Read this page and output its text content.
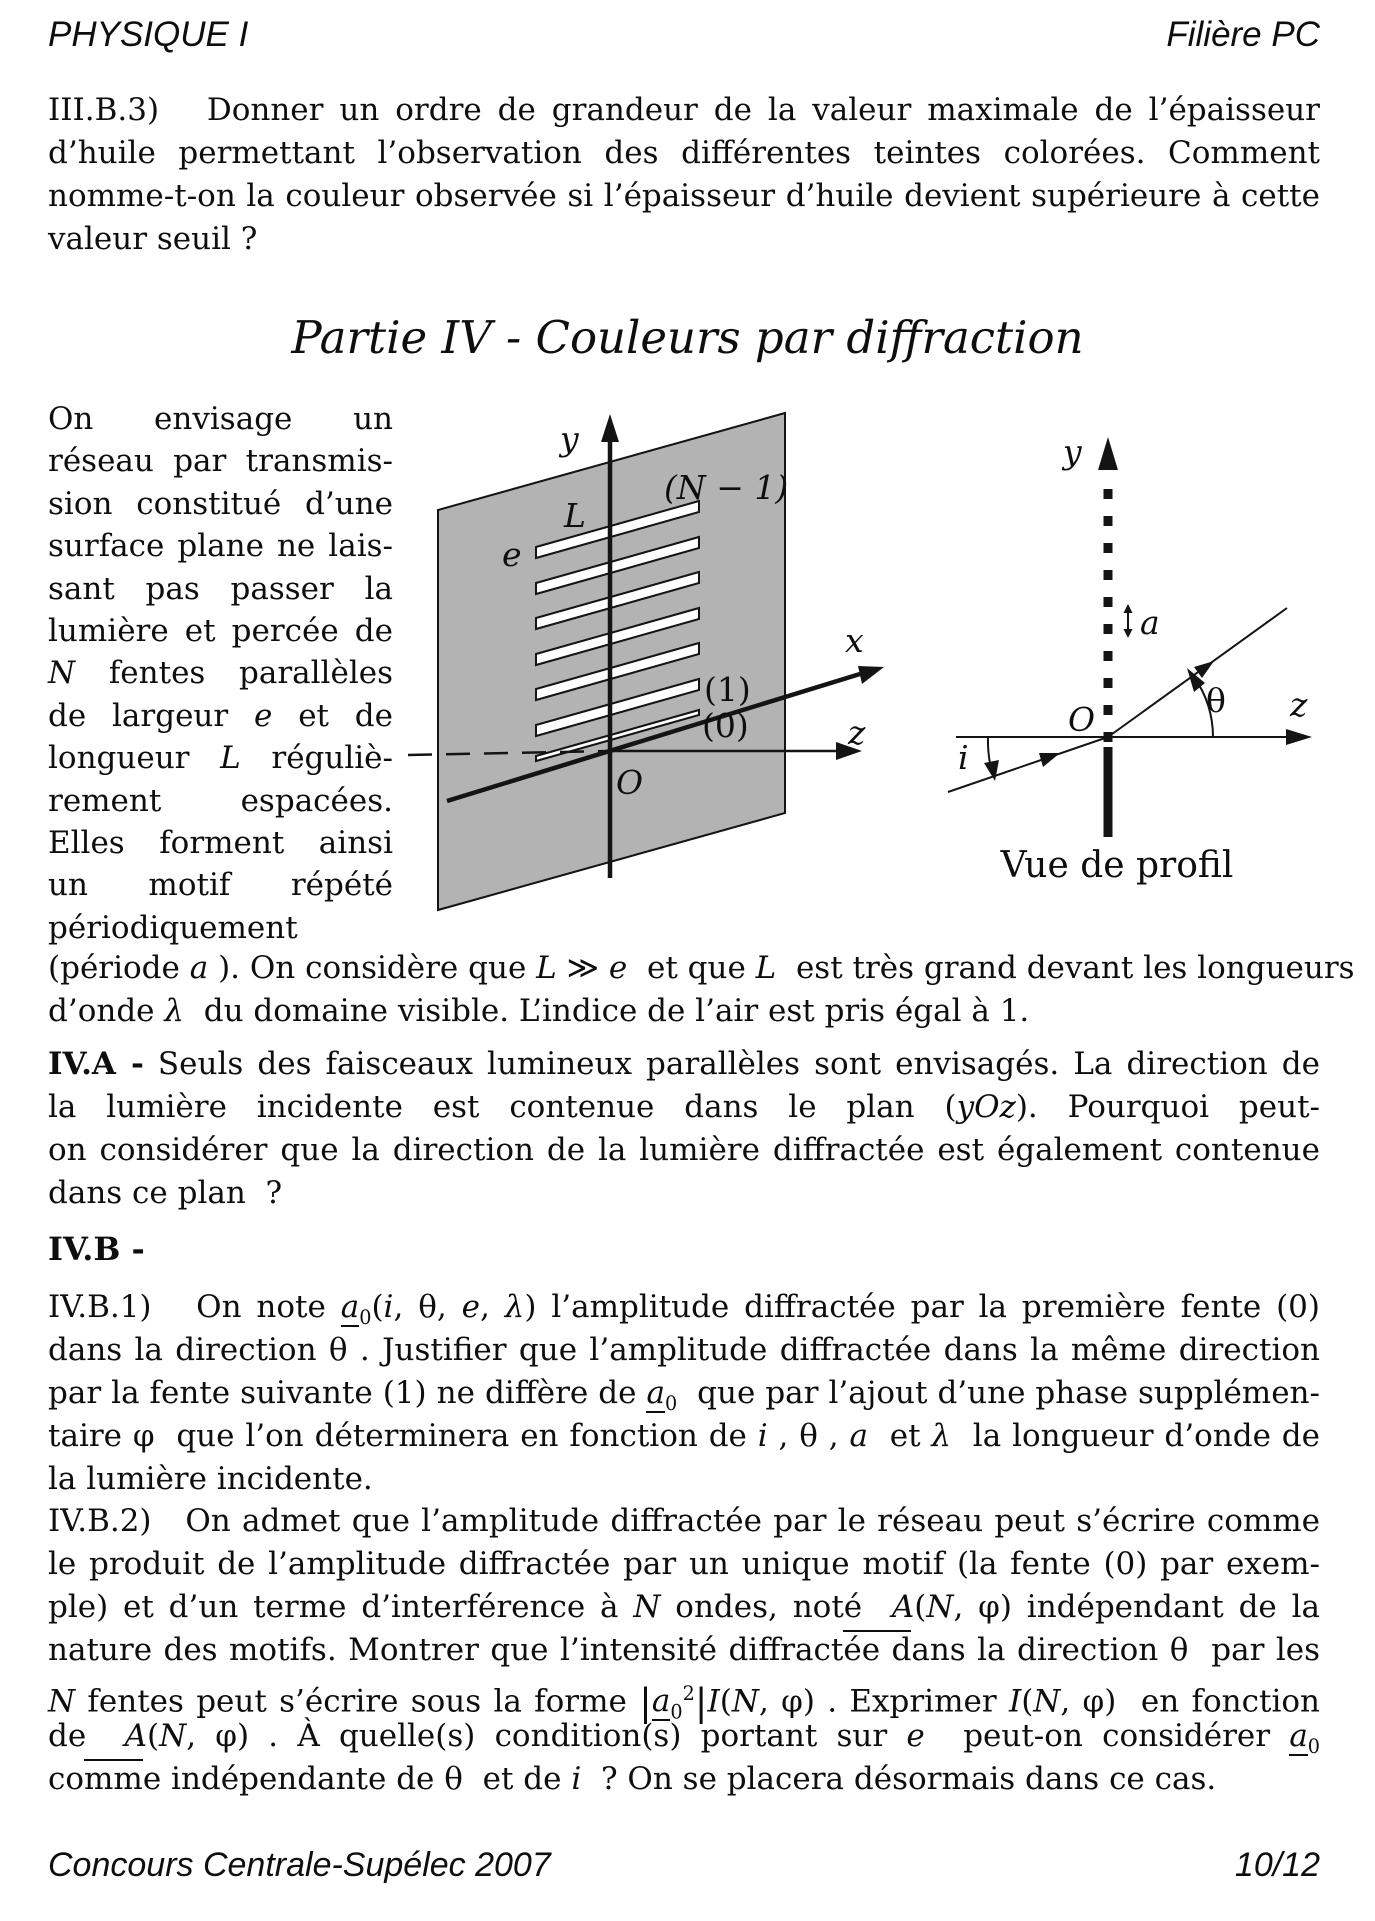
PHYSIQUE I	Filière PC
III.B.3)   Donner un ordre de grandeur de la valeur maximale de l’épaisseur
d’huile permettant l’observation des différentes teintes colorées. Comment
nomme-t-on la couleur observée si l’épaisseur d’huile devient supérieure à cette
valeur seuil ?
Partie IV - Couleurs par diffraction
On envisage un
réseau par transmis-
sion constitué d’une
surface plane ne lais-
sant pas passer la
lumière et percée de
N fentes parallèles
de largeur e et de
longueur L réguliè-
rement espacées.
Elles forment ainsi
un motif répété
périodiquement
y
x
z
L
e
(N − 1)
(1)
(0)
O
y
z
a
θ
i
O
Vue de profil
(période a ). On considère que L ≫ e  et que L  est très grand devant les longueurs
d’onde λ  du domaine visible. L’indice de l’air est pris égal à 1.
IV.A - Seuls des faisceaux lumineux parallèles sont envisagés. La direction de
la lumière incidente est contenue dans le plan (yOz). Pourquoi peut-
on considérer que la direction de la lumière diffractée est également contenue
dans ce plan  ?
IV.B -
IV.B.1)   On note $a_0(i$, θ, e, λ) l’amplitude diffractée par la première fente (0)
dans la direction θ . Justifier que l’amplitude diffractée dans la même direction
par la fente suivante (1) ne diffère de $a_0$  que par l’ajout d’une phase supplémen-
taire φ  que l’on déterminera en fonction de i , θ , a  et λ  la longueur d’onde de
la lumière incidente.
IV.B.2)   On admet que l’amplitude diffractée par le réseau peut s’écrire comme
le produit de l’amplitude diffractée par un unique motif (la fente (0) par exem-
ple) et d’un terme d’interférence à N ondes, noté  A(N, φ) indépendant de la
nature des motifs. Montrer que l’intensité diffractée dans la direction θ  par les
N fentes peut s’écrire sous la forme $|a_0^2|I(N$, φ) . Exprimer I(N, φ)  en fonction
de  A(N, φ) . À quelle(s) condition(s) portant sur e  peut-on considérer $a_0$
comme indépendante de θ  et de i  ? On se placera désormais dans ce cas.
Concours Centrale-Supélec 2007	10/12
